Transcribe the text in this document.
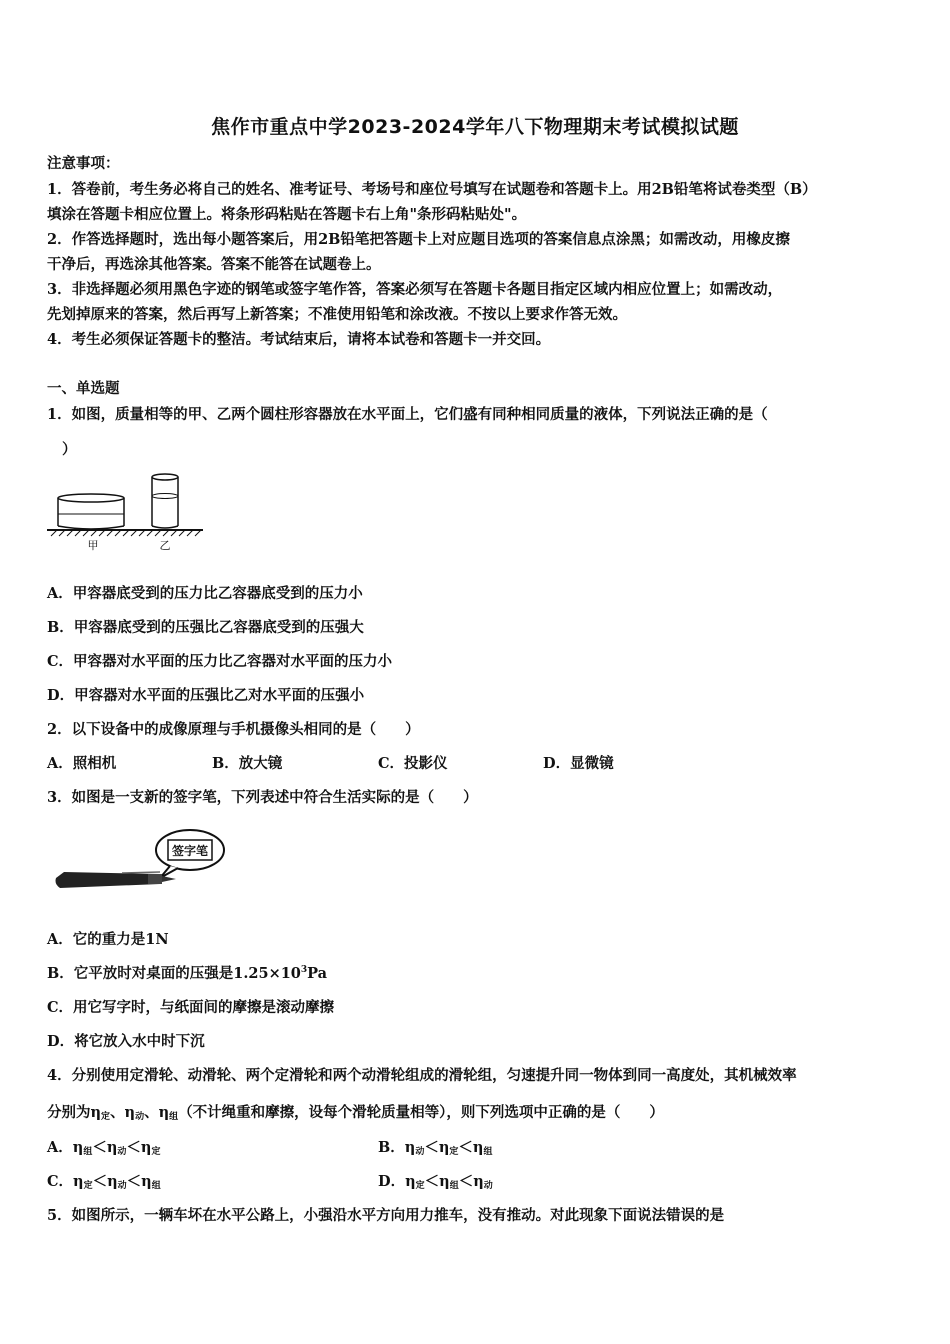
焦作市重点中学2023-2024学年八下物理期末考试模拟试题
注意事项：
1．答卷前，考生务必将自己的姓名、准考证号、考场号和座位号填写在试题卷和答题卡上。用2B铅笔将试卷类型（B）
填涂在答题卡相应位置上。将条形码粘贴在答题卡右上角"条形码粘贴处"。
2．作答选择题时，选出每小题答案后，用2B铅笔把答题卡上对应题目选项的答案信息点涂黑；如需改动，用橡皮擦
干净后，再选涂其他答案。答案不能答在试题卷上。
3．非选择题必须用黑色字迹的钢笔或签字笔作答，答案必须写在答题卡各题目指定区域内相应位置上；如需改动，
先划掉原来的答案，然后再写上新答案；不准使用铅笔和涂改液。不按以上要求作答无效。
4．考生必须保证答题卡的整洁。考试结束后，请将本试卷和答题卡一并交回。
一、单选题
1．如图，质量相等的甲、乙两个圆柱形容器放在水平面上，它们盛有同种相同质量的液体，下列说法正确的是（
）
甲	乙
A．甲容器底受到的压力比乙容器底受到的压力小
B．甲容器底受到的压强比乙容器底受到的压强大
C．甲容器对水平面的压力比乙容器对水平面的压力小
D．甲容器对水平面的压强比乙对水平面的压强小
2．以下设备中的成像原理与手机摄像头相同的是（　　）
A．照相机	B．放大镜	C．投影仪	D．显微镜
3．如图是一支新的签字笔，下列表述中符合生活实际的是（　　）
签字笔
A．它的重力是1N
B．它平放时对桌面的压强是$1.25\times 10^3Pa$
C．用它写字时，与纸面间的摩擦是滚动摩擦
D．将它放入水中时下沉
4．分别使用定滑轮、动滑轮、两个定滑轮和两个动滑轮组成的滑轮组，匀速提升同一物体到同一高度处，其机械效率
分别为$\eta_定$、$\eta_动$、$\eta_组$（不计绳重和摩擦，设每个滑轮质量相等），则下列选项中正确的是（　　）
A．$\eta_组<\eta_动<\eta_定$	B．$\eta_动<\eta_定<\eta_组$
C．$\eta_定<\eta_动<\eta_组$	D．$\eta_定<\eta_组<\eta_动$
5．如图所示，一辆车坏在水平公路上，小强沿水平方向用力推车，没有推动。对此现象下面说法错误的是
